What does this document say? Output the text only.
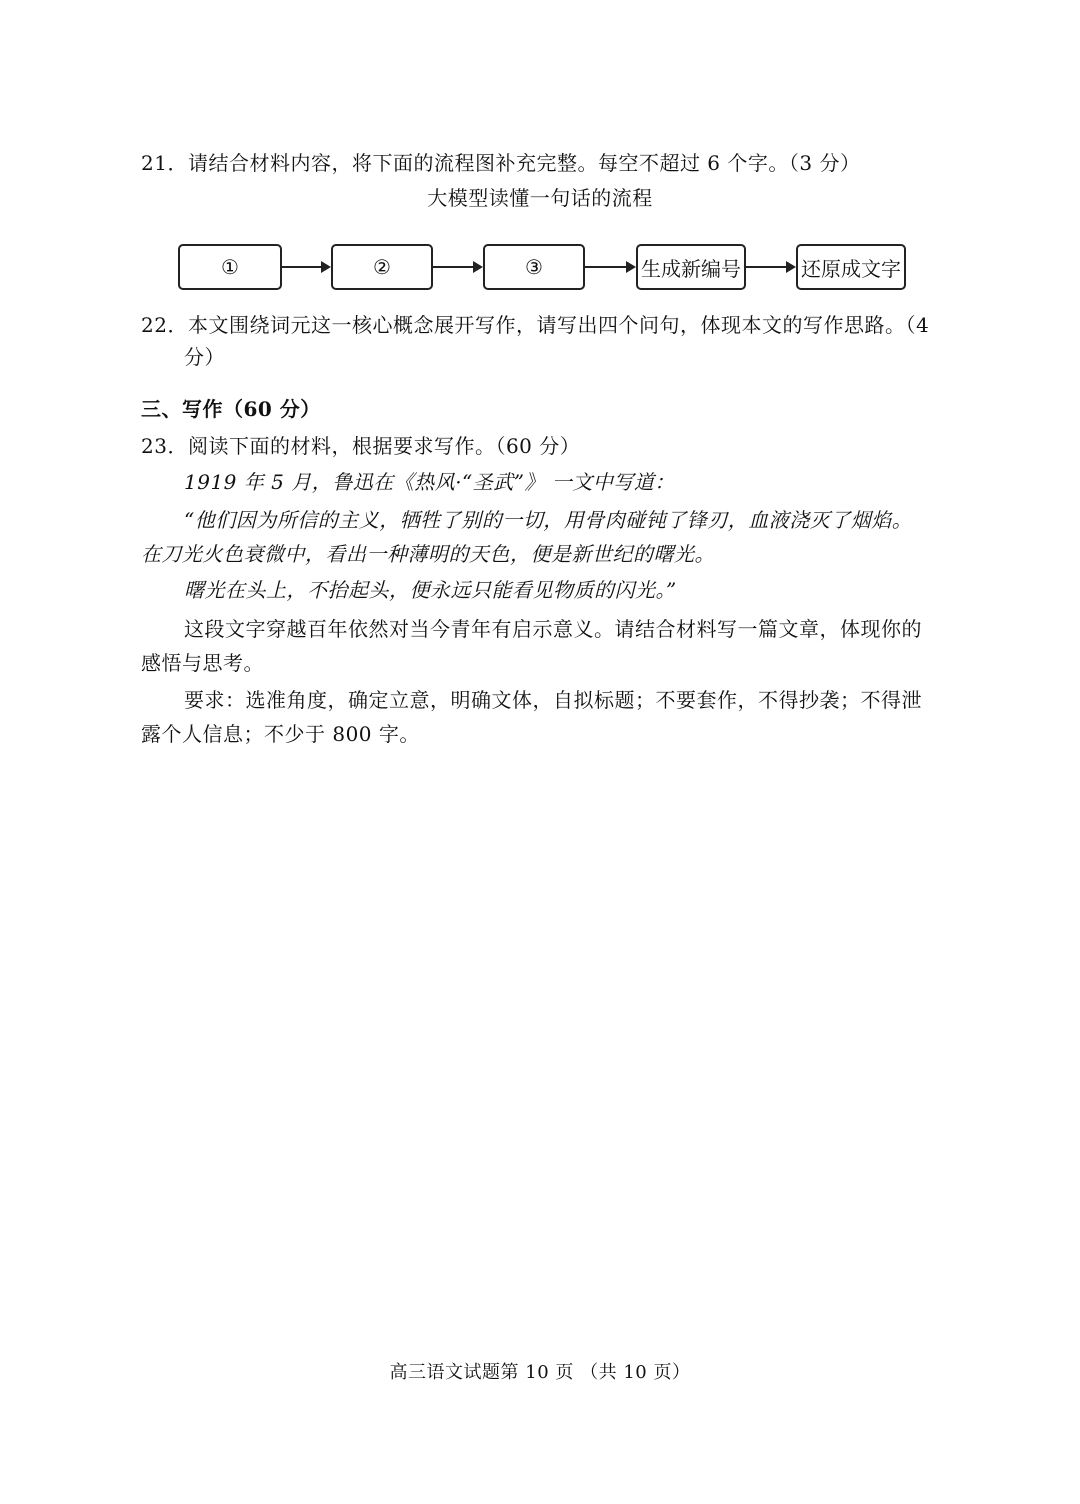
21．请结合材料内容，将下面的流程图补充完整。每空不超过 6 个字。（3 分）
大模型读懂一句话的流程
①	②	③	生成新编号	还原成文字
22．本文围绕词元这一核心概念展开写作，请写出四个问句，体现本文的写作思路。（4
分）
三、写作（60 分）
23．阅读下面的材料，根据要求写作。（60 分）
1919 年 5 月，鲁迅在《热风·“圣武”》 一文中写道：
“他们因为所信的主义，牺牲了别的一切，用骨肉碰钝了锋刃，血液浇灭了烟焰。
在刀光火色衰微中，看出一种薄明的天色，便是新世纪的曙光。
曙光在头上，不抬起头，便永远只能看见物质的闪光。”
这段文字穿越百年依然对当今青年有启示意义。请结合材料写一篇文章，体现你的
感悟与思考。
要求：选准角度，确定立意，明确文体，自拟标题；不要套作，不得抄袭；不得泄
露个人信息；不少于 800 字。
高三语文试题第 10 页 （共 10 页）
